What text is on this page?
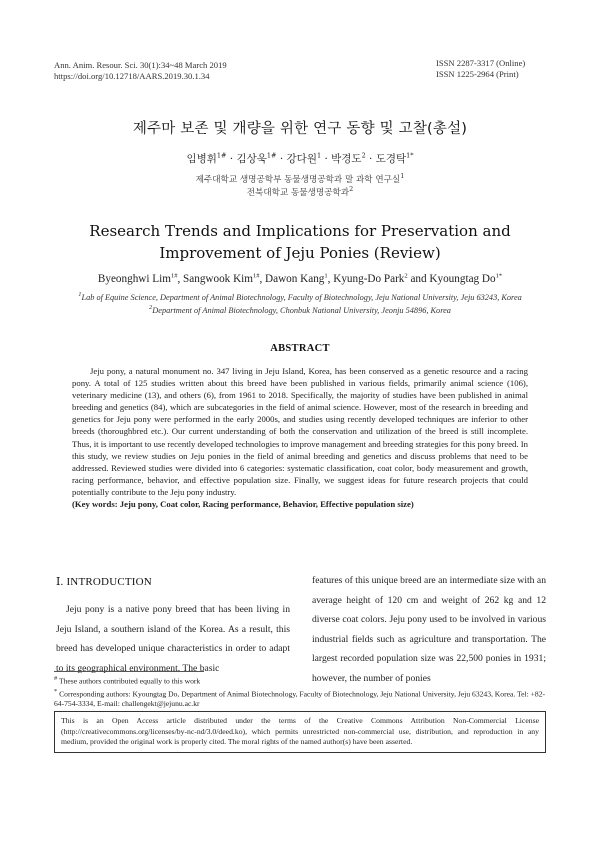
Ann. Anim. Resour. Sci. 30(1):34~48 March 2019
https://doi.org/10.12718/AARS.2019.30.1.34
ISSN 2287-3317 (Online)
ISSN 1225-2964 (Print)
제주마 보존 및 개량을 위한 연구 동향 및 고찰(총설)
임병휘$^{1\#}$ · 김상욱$^{1\#}$ · 강다원$^1$ · 박경도$^2$ · 도경탁$^{1*}$
제주대학교 생명공학부 동물생명공학과 말 과학 연구실$^1$
전북대학교 동물생명공학과$^2$
Research Trends and Implications for Preservation and Improvement of Jeju Ponies (Review)
Byeonghwi Lim$^{1\#}$, Sangwook Kim$^{1\#}$, Dawon Kang$^1$, Kyung-Do Park$^2$ and Kyoungtag $Do^{1*}$
$^1$Lab of Equine Science, Department of Animal Biotechnology, Faculty of Biotechnology, Jeju National University, Jeju 63243, Korea
$^2$Department of Animal Biotechnology, Chonbuk National University, Jeonju 54896, Korea
ABSTRACT

Jeju pony, a natural monument no. 347 living in Jeju Island, Korea, has been conserved as a genetic resource and a racing pony. A total of 125 studies written about this breed have been published in various fields, primarily animal science (106), veterinary medicine (13), and others (6), from 1961 to 2018. Specifically, the majority of studies have been published in animal breeding and genetics (84), which are subcategories in the field of animal science. However, most of the research in breeding and genetics for Jeju pony were performed in the early 2000s, and studies using recently developed techniques are inferior to other breeds (thoroughbred etc.). Our current understanding of both the conservation and utilization of the breed is still incomplete. Thus, it is important to use recently developed technologies to improve management and breeding strategies for this pony breed. In this study, we review studies on Jeju ponies in the field of animal breeding and genetics and discuss problems that need to be addressed. Reviewed studies were divided into 6 categories: systematic classification, coat color, body measurement and growth, racing performance, behavior, and effective population size. Finally, we suggest ideas for future research projects that could potentially contribute to the Jeju pony industry.

(Key words: Jeju pony, Coat color, Racing performance, Behavior, Effective population size)
Ⅰ. INTRODUCTION

Jeju pony is a native pony breed that has been living in Jeju Island, a southern island of the Korea. As a result, this breed has developed unique characteristics in order to adapt to its geographical environment. The basic

features of this unique breed are an intermediate size with an average height of 120 cm and weight of 262 kg and 12 diverse coat colors. Jeju pony used to be involved in various industrial fields such as agriculture and transportation. The largest recorded population size was 22,500 ponies in 1931; however, the number of ponies

# These authors contributed equally to this work
* Corresponding authors: Kyoungtag Do, Department of Animal Biotechnology, Faculty of Biotechnology, Jeju National University, Jeju 63243, Korea. Tel: +82-64-754-3334, E-mail: challengekt@jejunu.ac.kr
This is an Open Access article distributed under the terms of the Creative Commons Attribution Non-Commercial License (http://creativecommons.org/licenses/by-nc-nd/3.0/deed.ko), which permits unrestricted non-commercial use, distribution, and reproduction in any medium, provided the original work is properly cited. The moral rights of the named author(s) have been asserted.
